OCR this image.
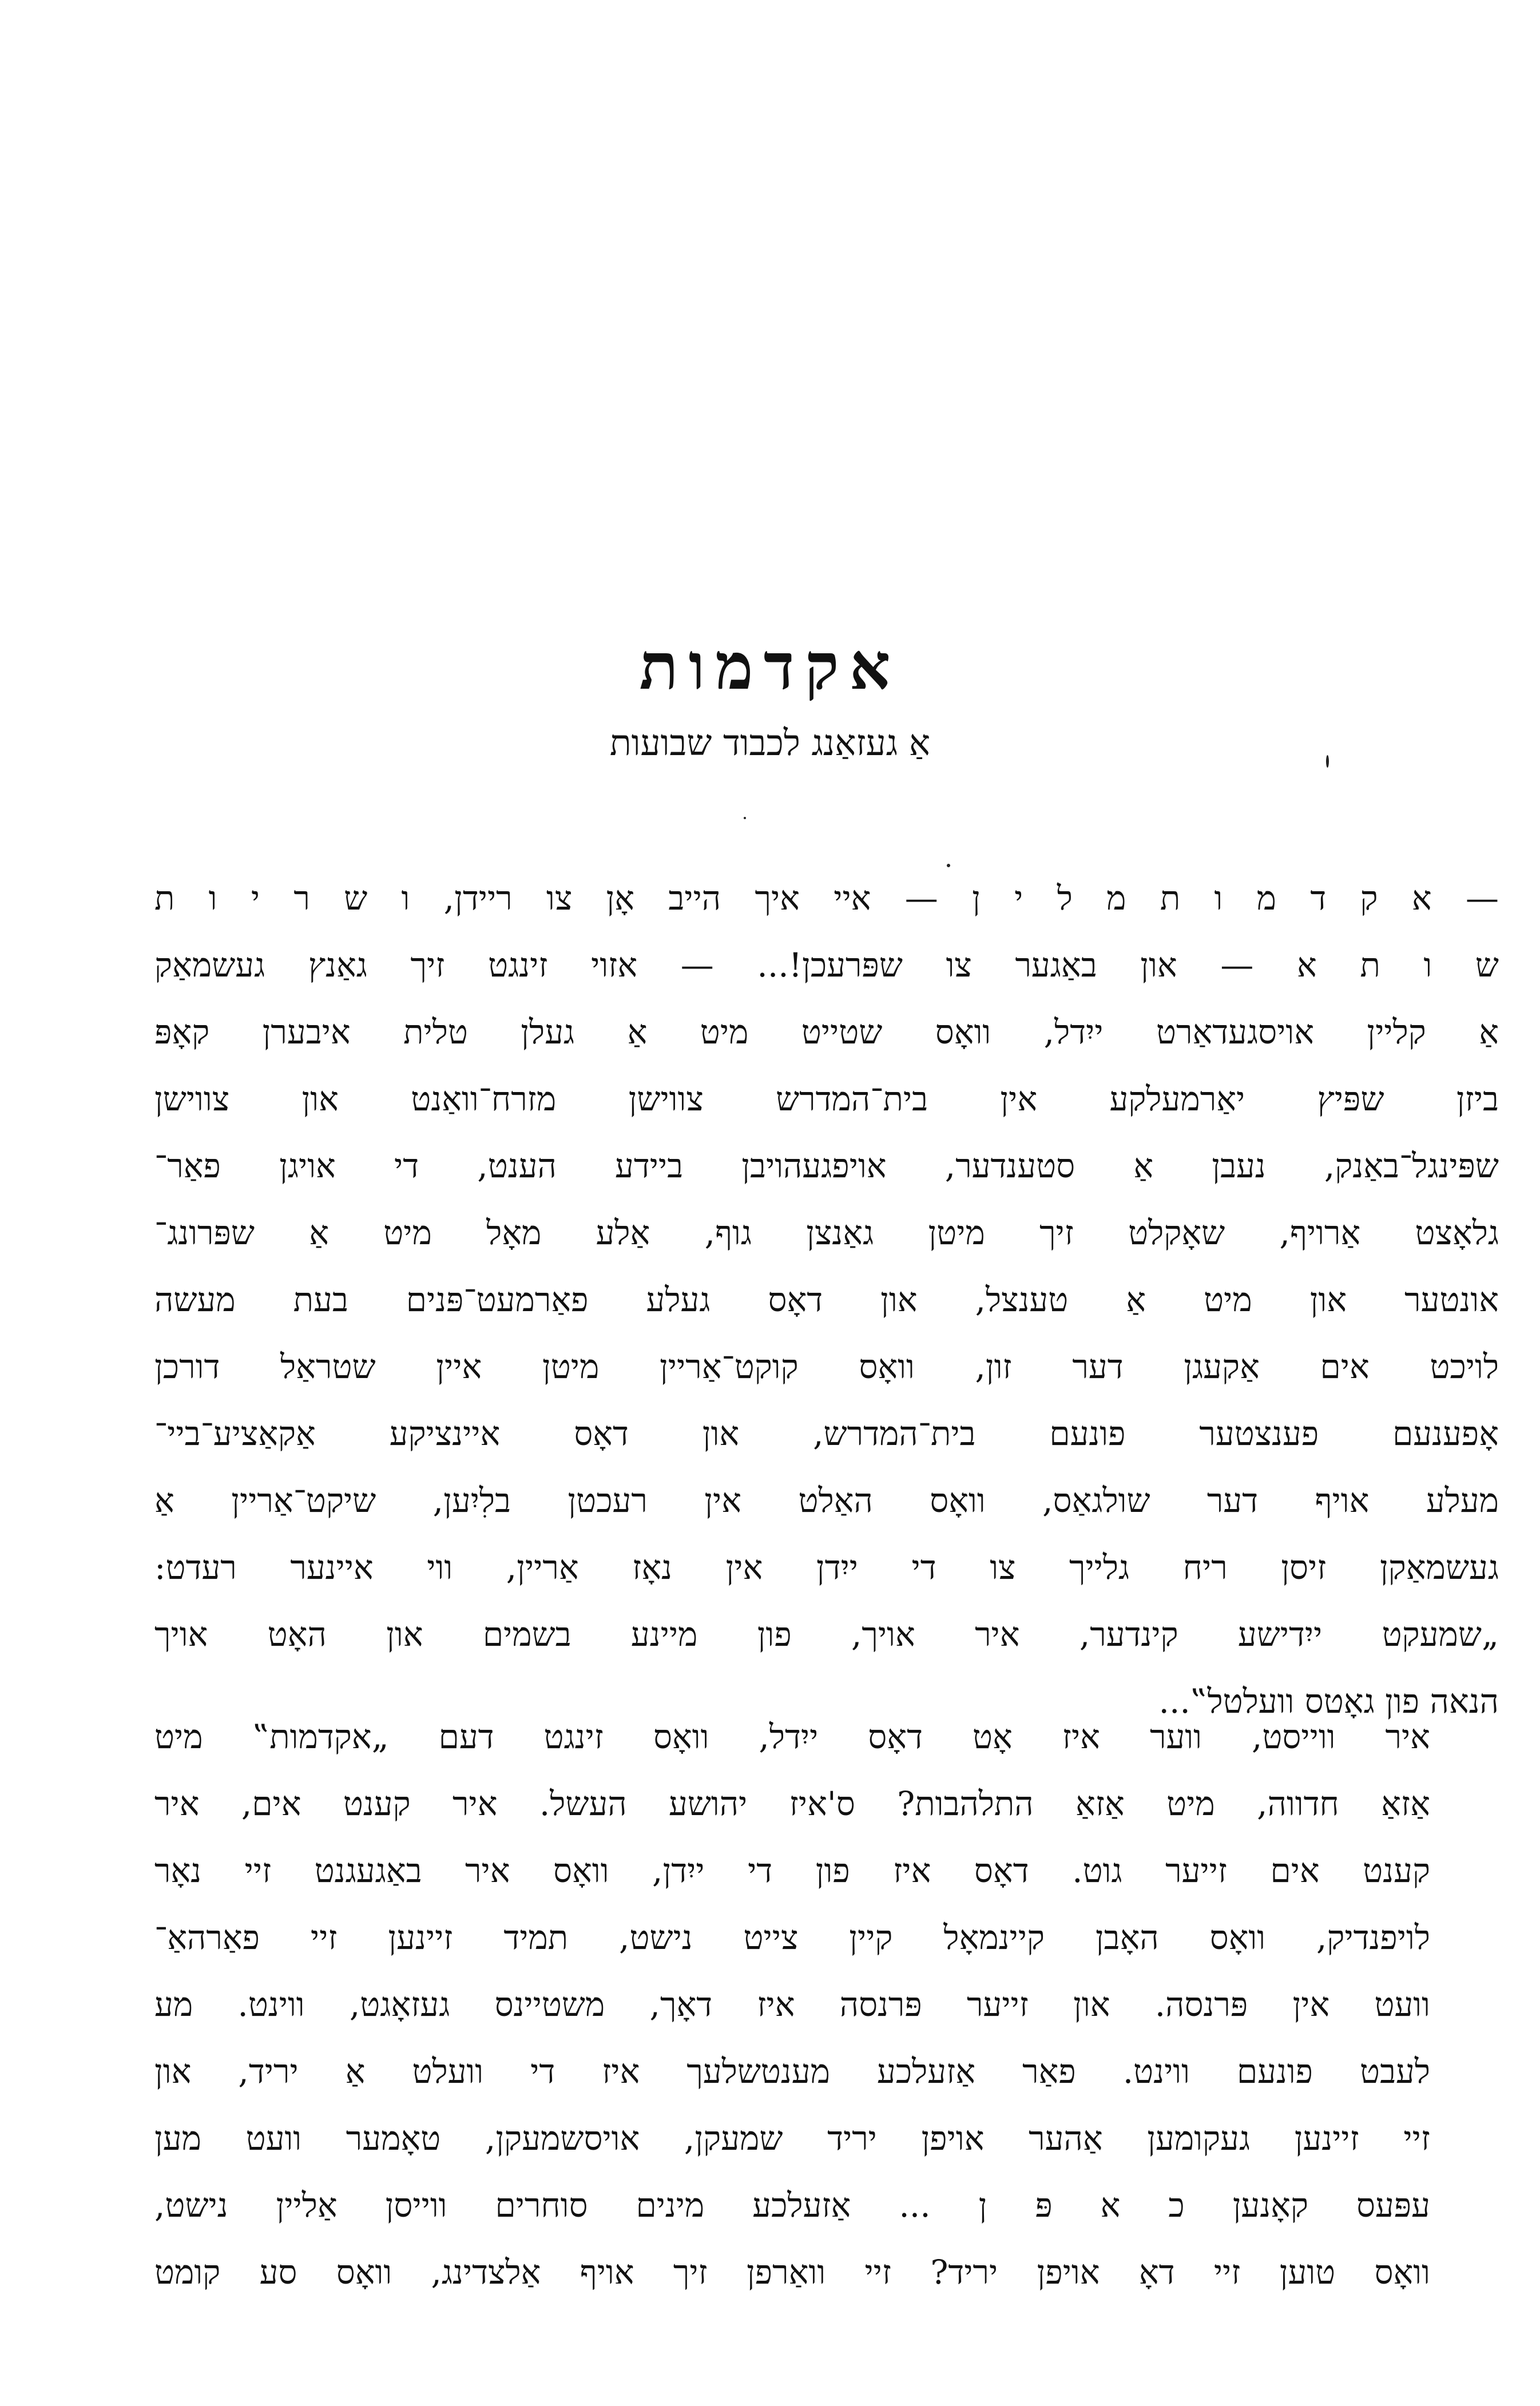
אקדמות
אַ געזאַנג לכבוד שבועות
— א ק ד מ ו ת מ ל י ן — איי איך הייב אָן צו ריידן, ו ש ר י ו ת
ש ו ת א — און באַגער צו שפּרעכן!... — אזוי זינגט זיך גאַנץ געשמאַק
אַ קליין אויסגעדאַרט ייִדל, וואָס שטייט מיט אַ געלן טלית איבערן קאָפּ
ביזן שפּיץ יאַרמעלקע אין בית־המדרש צווישן מזרח־וואַנט און צווישן
שפּינגל־באַנק, נעבן אַ סטענדער, אויפגעהויבן ביידע הענט, די אויגן פאַר־
גלאָצט אַרויף, שאָקלט זיך מיטן גאַנצן גוף, אַלע מאָל מיט אַ שפּרונג־
אונטער און מיט אַ טענצל, און דאָס געלע פאַרמעט־פּנים בעת מעשה
לויכט אים אַקעגן דער זון, וואָס קוקט־אַריין מיטן איין שטראַל דורכן
אָפענעם פענצטער פונעם בית־המדרש, און דאָס איינציקע אַקאַציע־ביי־
מעלע אויף דער שולגאַס, וואָס האַלט אין רעכטן בלִיִען, שיקט־אַריין אַ
געשמאַקן זיסן ריח גלייך צו די ייִדן אין נאָז אַריין, ווי איינער רעדט:
„שמעקט ייִדישע קינדער, איר אויך, פון מיינע בשמים און האָט אויך
הנאה פון גאָטס וועלטל‟...
איר ווייסט, ווער איז אָט דאָס ייִדל, וואָס זינגט דעם „אקדמות‟ מיט
אַזאַ חדווה, מיט אַזאַ התלהבות? ס'איז יהושע העשל. איר קענט אים, איר
קענט אים זייער גוט. דאָס איז פון די ייִדן, וואָס איר באַגעגנט זיי נאָר
לויפנדיק, וואָס האָבן קיינמאָל קיין צייט נישט, תמיד זיינען זיי פאַרהאַ־
וועט אין פּרנסה. און זייער פּרנסה איז דאָך, משטיינס געזאָגט, ווינט. מע
לעבט פונעם ווינט. פאַר אַזעלכע מענטשלעך איז די וועלט אַ יריד, און
זיי זיינען געקומען אַהער אויפן יריד שמעקן, אויסשמעקן, טאָמער וועט מען
עפּעס קאָנען כ א פּ ן ... אַזעלכע מינים סוחרים ווייסן אַליין נישט,
וואָס טוען זיי דאָ אויפן יריד? זיי וואַרפן זיך אויף אַלצדינג, וואָס סע קומט
